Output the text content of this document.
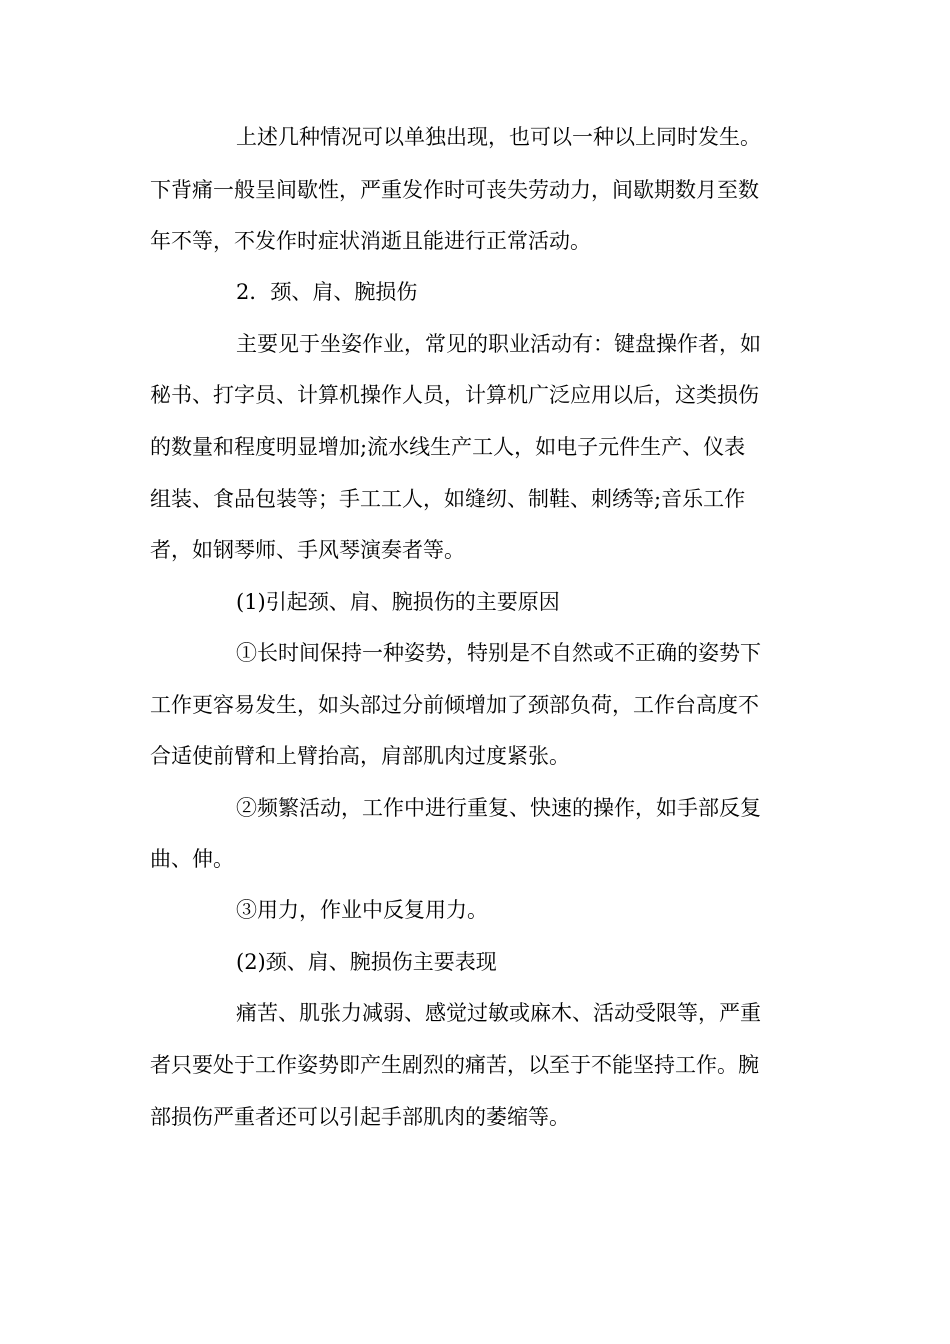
上述几种情况可以单独出现，也可以一种以上同时发生。
下背痛一般呈间歇性，严重发作时可丧失劳动力，间歇期数月至数
年不等，不发作时症状消逝且能进行正常活动。
2．颈、肩、腕损伤
主要见于坐姿作业，常见的职业活动有：键盘操作者，如
秘书、打字员、计算机操作人员，计算机广泛应用以后，这类损伤
的数量和程度明显增加;流水线生产工人，如电子元件生产、仪表
组装、食品包装等；手工工人，如缝纫、制鞋、刺绣等;音乐工作
者，如钢琴师、手风琴演奏者等。
(1)引起颈、肩、腕损伤的主要原因
①长时间保持一种姿势，特别是不自然或不正确的姿势下
工作更容易发生，如头部过分前倾增加了颈部负荷，工作台高度不
合适使前臂和上臂抬高，肩部肌肉过度紧张。
②频繁活动，工作中进行重复、快速的操作，如手部反复
曲、伸。
③用力，作业中反复用力。
(2)颈、肩、腕损伤主要表现
痛苦、肌张力减弱、感觉过敏或麻木、活动受限等，严重
者只要处于工作姿势即产生剧烈的痛苦，以至于不能坚持工作。腕
部损伤严重者还可以引起手部肌肉的萎缩等。
